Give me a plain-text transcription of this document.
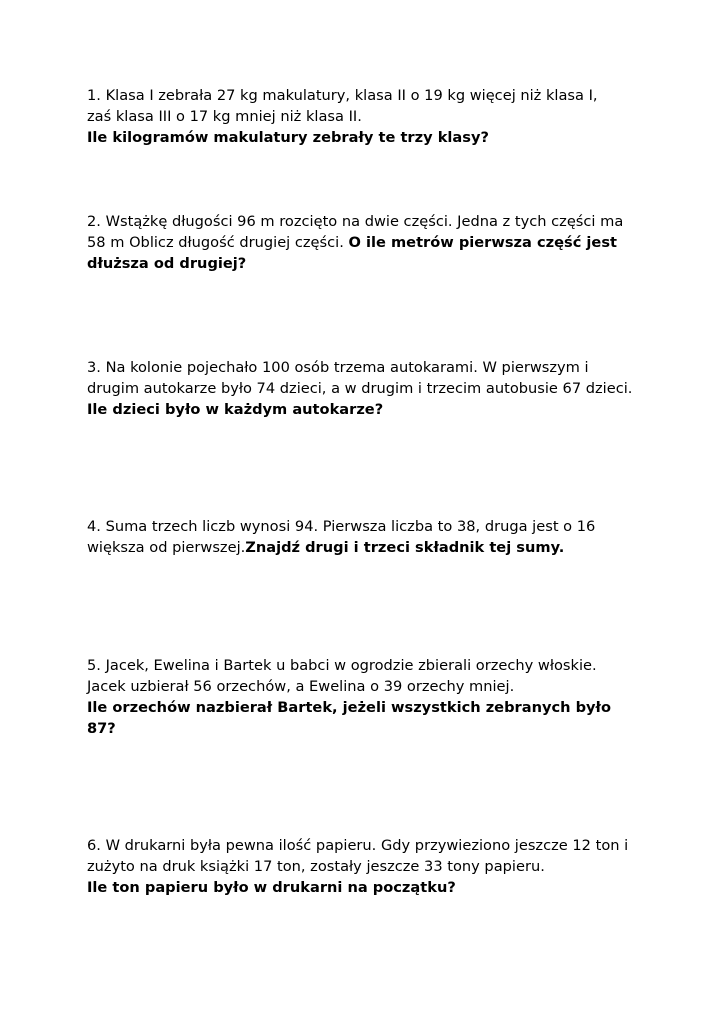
1. Klasa I zebrała 27 kg makulatury, klasa II o 19 kg więcej niż klasa I,
zaś klasa III o 17 kg mniej niż klasa II.
Ile kilogramów makulatury zebrały te trzy klasy?

2. Wstążkę długości 96 m rozcięto na dwie części. Jedna z tych części ma
58 m Oblicz długość drugiej części. O ile metrów pierwsza część jest
dłuższa od drugiej?

3. Na kolonie pojechało 100 osób trzema autokarami. W pierwszym i
drugim autokarze było 74 dzieci, a w drugim i trzecim autobusie 67 dzieci.
Ile dzieci było w każdym autokarze?

4. Suma trzech liczb wynosi 94. Pierwsza liczba to 38, druga jest o 16
większa od pierwszej.Znajdź drugi i trzeci składnik tej sumy.

5. Jacek, Ewelina i Bartek u babci w ogrodzie zbierali orzechy włoskie.
Jacek uzbierał 56 orzechów, a Ewelina o 39 orzechy mniej.
Ile orzechów nazbierał Bartek, jeżeli wszystkich zebranych było
87?

6. W drukarni była pewna ilość papieru. Gdy przywieziono jeszcze 12 ton i
zużyto na druk książki 17 ton, zostały jeszcze 33 tony papieru.
Ile ton papieru było w drukarni na początku?
